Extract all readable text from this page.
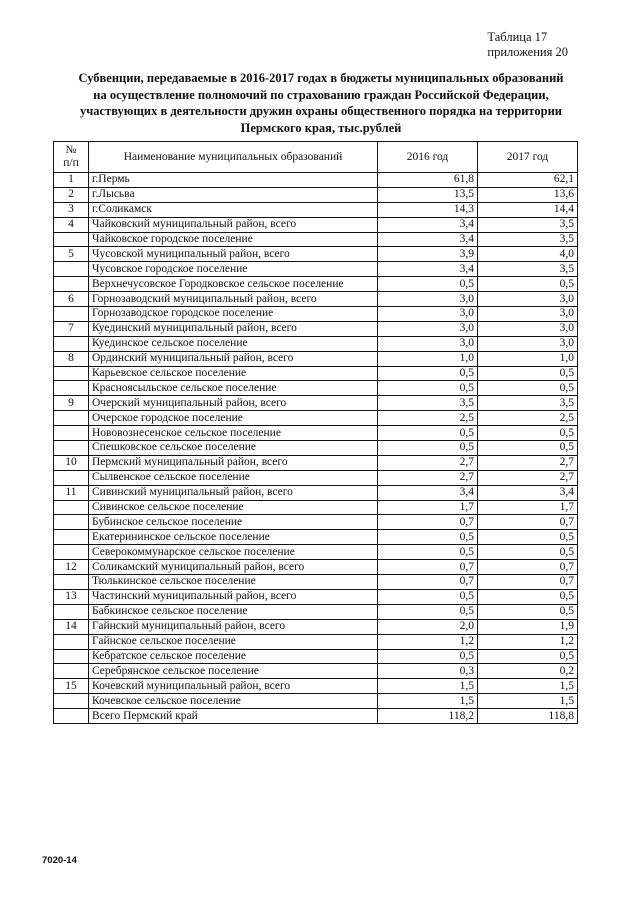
Таблица 17
приложения 20
Субвенции, передаваемые в 2016-2017 годах в бюджеты муниципальных образований
на осуществление полномочий по страхованию граждан Российской Федерации,
участвующих в деятельности дружин охраны общественного порядка на территории
Пермского края, тыс.рублей
№
п/п	Наименование муниципальных образований	2016 год	2017 год
1	г.Пермь	61,8	62,1
2	г.Лысьва	13,5	13,6
3	г.Соликамск	14,3	14,4
4	Чайковский муниципальный район, всего	3,4	3,5
	Чайковское городское поселение	3,4	3,5
5	Чусовской муниципальный район, всего	3,9	4,0
	Чусовское городское поселение	3,4	3,5
	Верхнечусовское Городковское сельское поселение	0,5	0,5
6	Горнозаводский муниципальный район, всего	3,0	3,0
	Горнозаводское городское поселение	3,0	3,0
7	Куединский муниципальный район, всего	3,0	3,0
	Куединское сельское поселение	3,0	3,0
8	Ординский муниципальный район, всего	1,0	1,0
	Карьевское сельское поселение	0,5	0,5
	Красноясыльское сельское поселение	0,5	0,5
9	Очерский муниципальный район, всего	3,5	3,5
	Очерское городское поселение	2,5	2,5
	Нововознесенское сельское поселение	0,5	0,5
	Спешковское сельское поселение	0,5	0,5
10	Пермский муниципальный район, всего	2,7	2,7
	Сылвенское сельское поселение	2,7	2,7
11	Сивинский муниципальный район, всего	3,4	3,4
	Сивинское сельское поселение	1,7	1,7
	Бубинское сельское поселение	0,7	0,7
	Екатерининское сельское поселение	0,5	0,5
	Северокоммунарское сельское поселение	0,5	0,5
12	Соликамский муниципальный район, всего	0,7	0,7
	Тюлькинское сельское поселение	0,7	0,7
13	Частинский муниципальный район, всего	0,5	0,5
	Бабкинское сельское поселение	0,5	0,5
14	Гайнский муниципальный район, всего	2,0	1,9
	Гайнское сельское поселение	1,2	1,2
	Кебратское сельское поселение	0,5	0,5
	Серебрянское сельское поселение	0,3	0,2
15	Кочевский муниципальный район, всего	1,5	1,5
	Кочевское сельское поселение	1,5	1,5
	Всего Пермский край	118,2	118,8
7020-14
